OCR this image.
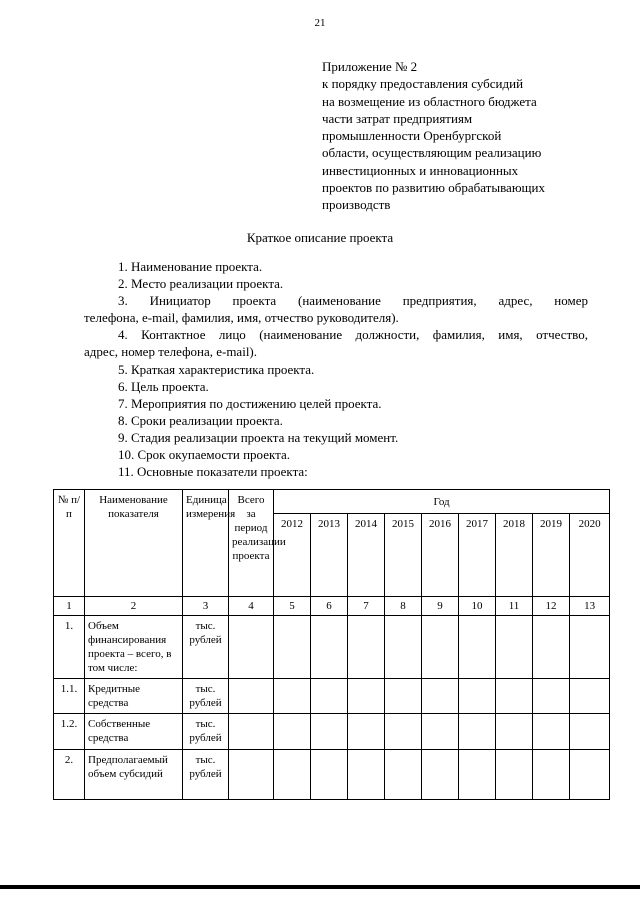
21
Приложение № 2
к порядку предоставления субсидий
на возмещение из областного бюджета
части затрат предприятиям
промышленности Оренбургской
области, осуществляющим реализацию
инвестиционных и инновационных
проектов по развитию обрабатывающих
производств
Краткое описание проекта
1. Наименование проекта.
2. Место реализации проекта.
3. Инициатор проекта (наименование предприятия, адрес, номер
телефона, e-mail, фамилия, имя, отчество руководителя).
4. Контактное лицо (наименование должности, фамилия, имя, отчество,
адрес, номер телефона, e-mail).
5. Краткая характеристика проекта.
6. Цель проекта.
7. Мероприятия по достижению целей проекта.
8. Сроки реализации проекта.
9. Стадия реализации проекта на текущий момент.
10. Срок окупаемости проекта.
11. Основные показатели проекта:
№ п/п	Наименование показателя	Единица измерения	Всего за период реализации проекта	Год								
				2012	2013	2014	2015	2016	2017	2018	2019	2020
1	2	3	4	5	6	7	8	9	10	11	12	13
1.	Объем финансирования проекта – всего, в том числе:	тыс. рублей										
1.1.	Кредитные средства	тыс. рублей										
1.2.	Собственные средства	тыс. рублей										
2.	Предполагаемый объем субсидий	тыс. рублей										
